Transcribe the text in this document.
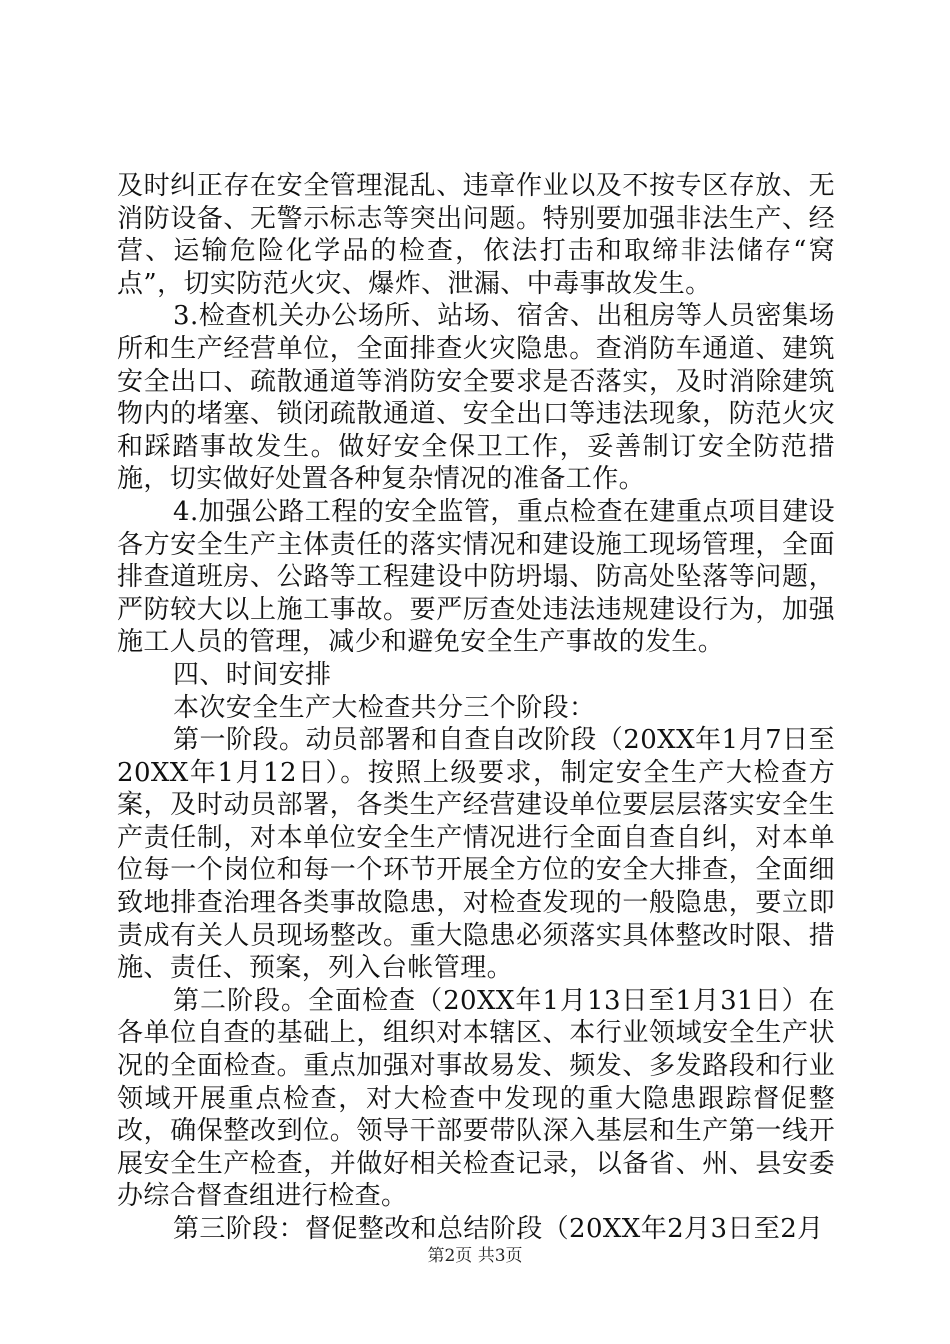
及时纠正存在安全管理混乱、违章作业以及不按专区存放、无消防设备、无警示标志等突出问题。特别要加强非法生产、经营、运输危险化学品的检查，依法打击和取缔非法储存“窝点”，切实防范火灾、爆炸、泄漏、中毒事故发生。

3.检查机关办公场所、站场、宿舍、出租房等人员密集场所和生产经营单位，全面排查火灾隐患。查消防车通道、建筑安全出口、疏散通道等消防安全要求是否落实，及时消除建筑物内的堵塞、锁闭疏散通道、安全出口等违法现象，防范火灾和踩踏事故发生。做好安全保卫工作，妥善制订安全防范措施，切实做好处置各种复杂情况的准备工作。

4.加强公路工程的安全监管，重点检查在建重点项目建设各方安全生产主体责任的落实情况和建设施工现场管理，全面排查道班房、公路等工程建设中防坍塌、防高处坠落等问题，严防较大以上施工事故。要严厉查处违法违规建设行为，加强施工人员的管理，减少和避免安全生产事故的发生。

四、时间安排

本次安全生产大检查共分三个阶段：

第一阶段。动员部署和自查自改阶段（20XX年1月7日至20XX年1月12日）。按照上级要求，制定安全生产大检查方案，及时动员部署，各类生产经营建设单位要层层落实安全生产责任制，对本单位安全生产情况进行全面自查自纠，对本单位每一个岗位和每一个环节开展全方位的安全大排查，全面细致地排查治理各类事故隐患，对检查发现的一般隐患，要立即责成有关人员现场整改。重大隐患必须落实具体整改时限、措施、责任、预案，列入台帐管理。

第二阶段。全面检查（20XX年1月13日至1月31日）在各单位自查的基础上，组织对本辖区、本行业领域安全生产状况的全面检查。重点加强对事故易发、频发、多发路段和行业领域开展重点检查，对大检查中发现的重大隐患跟踪督促整改，确保整改到位。领导干部要带队深入基层和生产第一线开展安全生产检查，并做好相关检查记录，以备省、州、县安委办综合督查组进行检查。

第三阶段：督促整改和总结阶段（20XX年2月3日至2月

第2页 共3页
